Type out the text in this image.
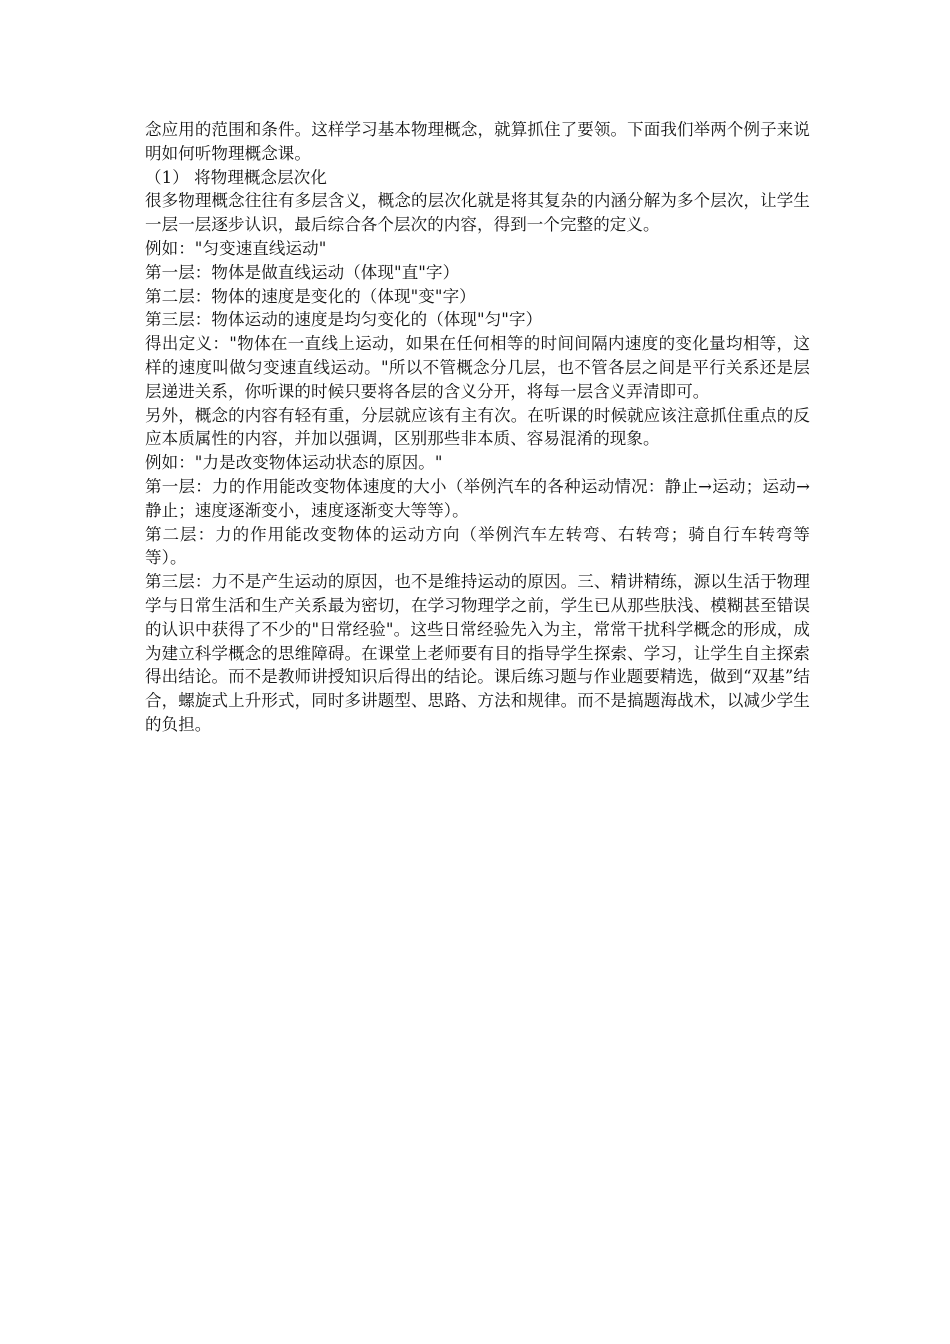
念应用的范围和条件。这样学习基本物理概念，就算抓住了要领。下面我们举两个例子来说明如何听物理概念课。

（1） 将物理概念层次化

很多物理概念往往有多层含义，概念的层次化就是将其复杂的内涵分解为多个层次，让学生一层一层逐步认识，最后综合各个层次的内容，得到一个完整的定义。

例如："匀变速直线运动"

第一层：物体是做直线运动（体现"直"字）

第二层：物体的速度是变化的（体现"变"字）

第三层：物体运动的速度是均匀变化的（体现"匀"字）

得出定义："物体在一直线上运动，如果在任何相等的时间间隔内速度的变化量均相等，这样的速度叫做匀变速直线运动。"所以不管概念分几层，也不管各层之间是平行关系还是层层递进关系，你听课的时候只要将各层的含义分开，将每一层含义弄清即可。

另外，概念的内容有轻有重，分层就应该有主有次。在听课的时候就应该注意抓住重点的反应本质属性的内容，并加以强调，区别那些非本质、容易混淆的现象。

例如："力是改变物体运动状态的原因。"

第一层：力的作用能改变物体速度的大小（举例汽车的各种运动情况：静止→运动；运动→静止；速度逐渐变小，速度逐渐变大等等）。

第二层：力的作用能改变物体的运动方向（举例汽车左转弯、右转弯；骑自行车转弯等等）。

第三层：力不是产生运动的原因，也不是维持运动的原因。三、精讲精练，源以生活于物理学与日常生活和生产关系最为密切，在学习物理学之前，学生已从那些肤浅、模糊甚至错误的认识中获得了不少的"日常经验"。这些日常经验先入为主，常常干扰科学概念的形成，成为建立科学概念的思维障碍。在课堂上老师要有目的指导学生探索、学习，让学生自主探索得出结论。而不是教师讲授知识后得出的结论。课后练习题与作业题要精选，做到“双基”结合，螺旋式上升形式，同时多讲题型、思路、方法和规律。而不是搞题海战术，以减少学生的负担。
